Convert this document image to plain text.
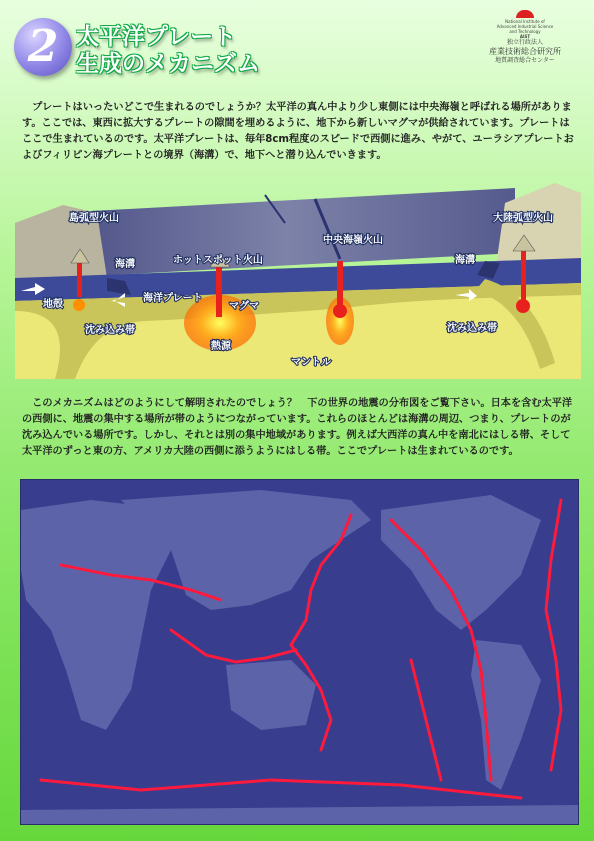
2 太平洋プレート
生成のメカニズム
National Institute of
Advanced Industrial Science
and Technology
AIST
独立行政法人
産業技術総合研究所
地質調査総合センター
　プレートはいったいどこで生まれるのでしょうか？太平洋の真ん中より少し東側には中央海嶺と呼ばれる場所があります。ここでは、東西に拡大するプレートの隙間を埋めるように、地下から新しいマグマが供給されています。プレートはここで生まれているのです。太平洋プレートは、毎年8cm程度のスピードで西側に進み、やがて、ユーラシアプレートおよびフィリピン海プレートとの境界（海溝）で、地下へと潜り込んでいきます。
島弧型火山
海溝	ホットスポット火山
中央海嶺火山
海溝
大陸弧型火山
地殻
海洋プレート
マグマ
沈み込み帯
熱源
マントル
沈み込み帯
　このメカニズムはどのようにして解明されたのでしょう？　下の世界の地震の分布図をご覧下さい。日本を含む太平洋の西側に、地震の集中する場所が帯のようにつながっています。これらのほとんどは海溝の周辺、つまり、プレートのが沈み込んでいる場所です。しかし、それとは別の集中地域があります。例えば大西洋の真ん中を南北にはしる帯、そして太平洋のずっと東の方、アメリカ大陸の西側に添うようにはしる帯。ここでプレートは生まれているのです。
